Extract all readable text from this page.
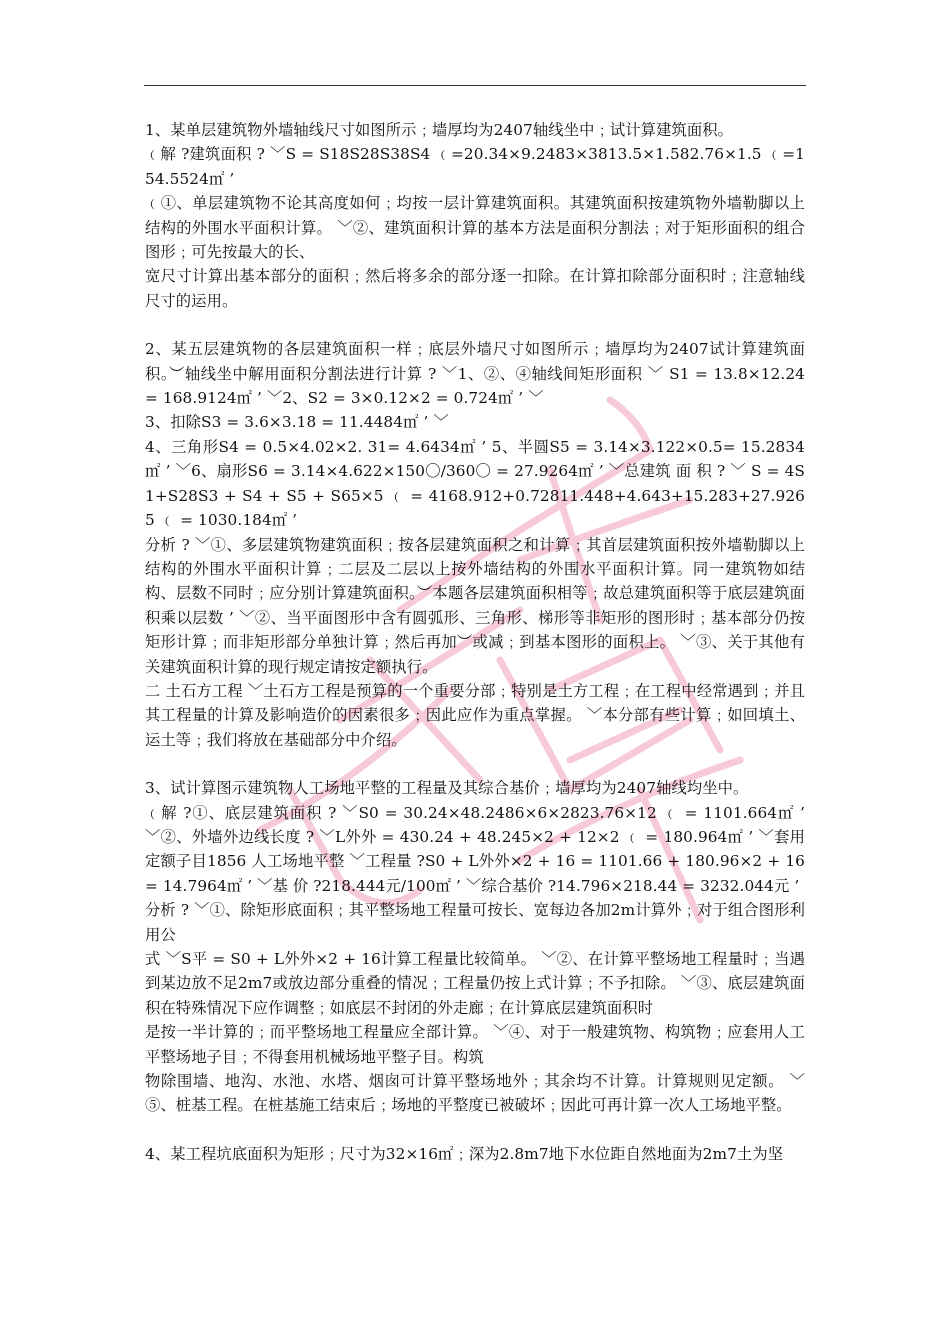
1、某单层建筑物外墙轴线尺寸如图所示﹔墙厚均为2407轴线坐中﹔试计算建筑面积。

﹙解 ?建筑面积 ? ﹀S = S18S28S38S4 ﹙=20.34×9.2483×3813.5×1.582.76×1.5 ﹙=154.5524㎡ ’

﹙①、单层建筑物不论其高度如何﹔均按一层计算建筑面积。其建筑面积按建筑物外墙勒脚以上结构的外围水平面积计算。 ﹀②、建筑面积计算的基本方法是面积分割法﹔对于矩形面积的组合图形﹔可先按最大的长、

宽尺寸计算出基本部分的面积﹔然后将多余的部分逐一扣除。在计算扣除部分面积时﹔注意轴线尺寸的运用。

2、某五层建筑物的各层建筑面积一样﹔底层外墙尺寸如图所示﹔墙厚均为2407试计算建筑面积。︶轴线坐中解用面积分割法进行计算 ? ﹀1、②、④轴线间矩形面积 ﹀ S1 = 13.8×12.24 = 168.9124㎡ ’ ﹀2、S2 = 3×0.12×2 = 0.724㎡ ’ ﹀

3、扣除S3 = 3.6×3.18 = 11.4484㎡ ’ ﹀

4、三角形S4 = 0.5×4.02×2. 31= 4.6434㎡ ’ 5、半圆S5 = 3.14×3.122×0.5= 15.2834㎡ ’ ﹀6、扇形S6 = 3.14×4.622×150〇/360〇 = 27.9264㎡ ’ ﹀总建筑 面 积 ? ﹀ S = 4S1+S28S3 + S4 + S5 + S65×5 ﹙ = 4168.912+0.72811.448+4.643+15.283+27.9265 ﹙ = 1030.184㎡ ’

分析 ? ﹀①、多层建筑物建筑面积﹔按各层建筑面积之和计算﹔其首层建筑面积按外墙勒脚以上结构的外围水平面积计算﹔二层及二层以上按外墙结构的外围水平面积计算。同一建筑物如结构、层数不同时﹔应分别计算建筑面积。︶本题各层建筑面积相等﹔故总建筑面积等于底层建筑面积乘以层数 ’ ﹀②、当平面图形中含有圆弧形、三角形、梯形等非矩形的图形时﹔基本部分仍按矩形计算﹔而非矩形部分单独计算﹔然后再加︶或减﹔到基本图形的面积上。 ﹀③、关于其他有关建筑面积计算的现行规定请按定额执行。

二 土石方工程 ﹀土石方工程是预算的一个重要分部﹔特别是土方工程﹔在工程中经常遇到﹔并且其工程量的计算及影响造价的因素很多﹔因此应作为重点掌握。 ﹀本分部有些计算﹔如回填土、运土等﹔我们将放在基础部分中介绍。

3、试计算图示建筑物人工场地平整的工程量及其综合基价﹔墙厚均为2407轴线均坐中。

﹙解 ?①、底层建筑面积 ? ﹀S0 = 30.24×48.2486×6×2823.76×12 ﹙ = 1101.664㎡ ’ ﹀②、外墙外边线长度 ? ﹀L外外 = 430.24 + 48.245×2 + 12×2 ﹙ = 180.964㎡ ’ ﹀套用定额子目1856 人工场地平整 ﹀工程量 ?S0 + L外外×2 + 16 = 1101.66 + 180.96×2 + 16 = 14.7964㎡ ’ ﹀基 价 ?218.444元/100㎡ ’ ﹀综合基价 ?14.796×218.44 = 3232.044元 ’

分析 ? ﹀①、除矩形底面积﹔其平整场地工程量可按长、宽每边各加2m计算外﹔对于组合图形利用公

式 ﹀S平 = S0 + L外外×2 + 16计算工程量比较简单。 ﹀②、在计算平整场地工程量时﹔当遇到某边放不足2m7或放边部分重叠的情况﹔工程量仍按上式计算﹔不予扣除。 ﹀③、底层建筑面积在特殊情况下应作调整﹔如底层不封闭的外走廊﹔在计算底层建筑面积时

是按一半计算的﹔而平整场地工程量应全部计算。 ﹀④、对于一般建筑物、构筑物﹔应套用人工平整场地子目﹔不得套用机械场地平整子目。构筑

物除围墙、地沟、水池、水塔、烟囱可计算平整场地外﹔其余均不计算。计算规则见定额。 ﹀⑤、桩基工程。在桩基施工结束后﹔场地的平整度已被破坏﹔因此可再计算一次人工场地平整。

4、某工程坑底面积为矩形﹔尺寸为32×16㎡﹔深为2.8m7地下水位距自然地面为2m7土为坚
